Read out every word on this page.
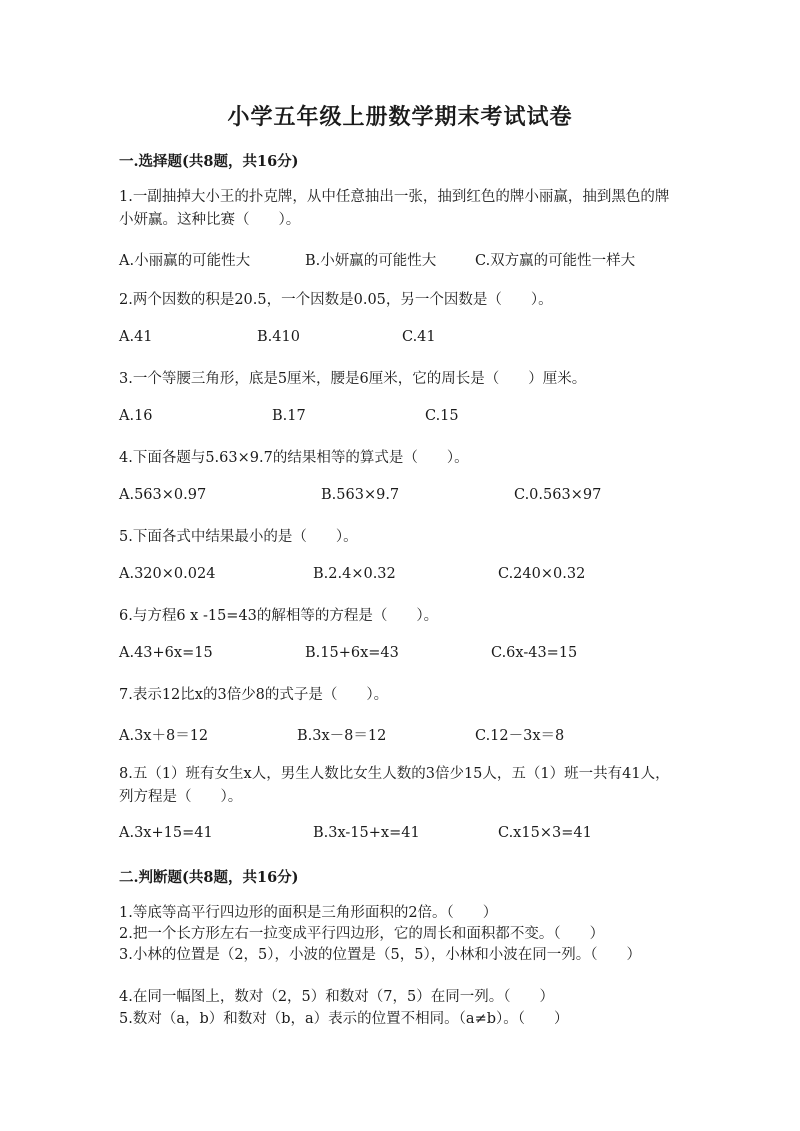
小学五年级上册数学期末考试试卷
一.选择题(共8题，共16分)
1.一副抽掉大小王的扑克牌，从中任意抽出一张，抽到红色的牌小丽赢，抽到黑色的牌小妍赢。这种比赛（　　）。
A.小丽赢的可能性大	B.小妍赢的可能性大	C.双方赢的可能性一样大
2.两个因数的积是20.5，一个因数是0.05，另一个因数是（　　）。
A.41	B.410	C.41
3.一个等腰三角形，底是5厘米，腰是6厘米，它的周长是（　　）厘米。
A.16	B.17	C.15
4.下面各题与5.63×9.7的结果相等的算式是（　　）。
A.563×0.97	B.563×9.7	C.0.563×97
5.下面各式中结果最小的是（　　）。
A.320×0.024	B.2.4×0.32	C.240×0.32
6.与方程6 x -15=43的解相等的方程是（　　）。
A.43+6x=15	B.15+6x=43	C.6x-43=15
7.表示12比x的3倍少8的式子是（　　）。
A.3x＋8＝12	B.3x－8＝12	C.12－3x＝8
8.五（1）班有女生x人，男生人数比女生人数的3倍少15人，五（1）班一共有41人，列方程是（　　）。
A.3x+15=41	B.3x-15+x=41	C.x15×3=41
二.判断题(共8题，共16分)
1.等底等高平行四边形的面积是三角形面积的2倍。（　　）
2.把一个长方形左右一拉变成平行四边形，它的周长和面积都不变。（　　）
3.小林的位置是（2，5），小波的位置是（5，5），小林和小波在同一列。（　　）
4.在同一幅图上，数对（2，5）和数对（7，5）在同一列。（　　）
5.数对（a，b）和数对（b，a）表示的位置不相同。（a≠b）。（　　）
